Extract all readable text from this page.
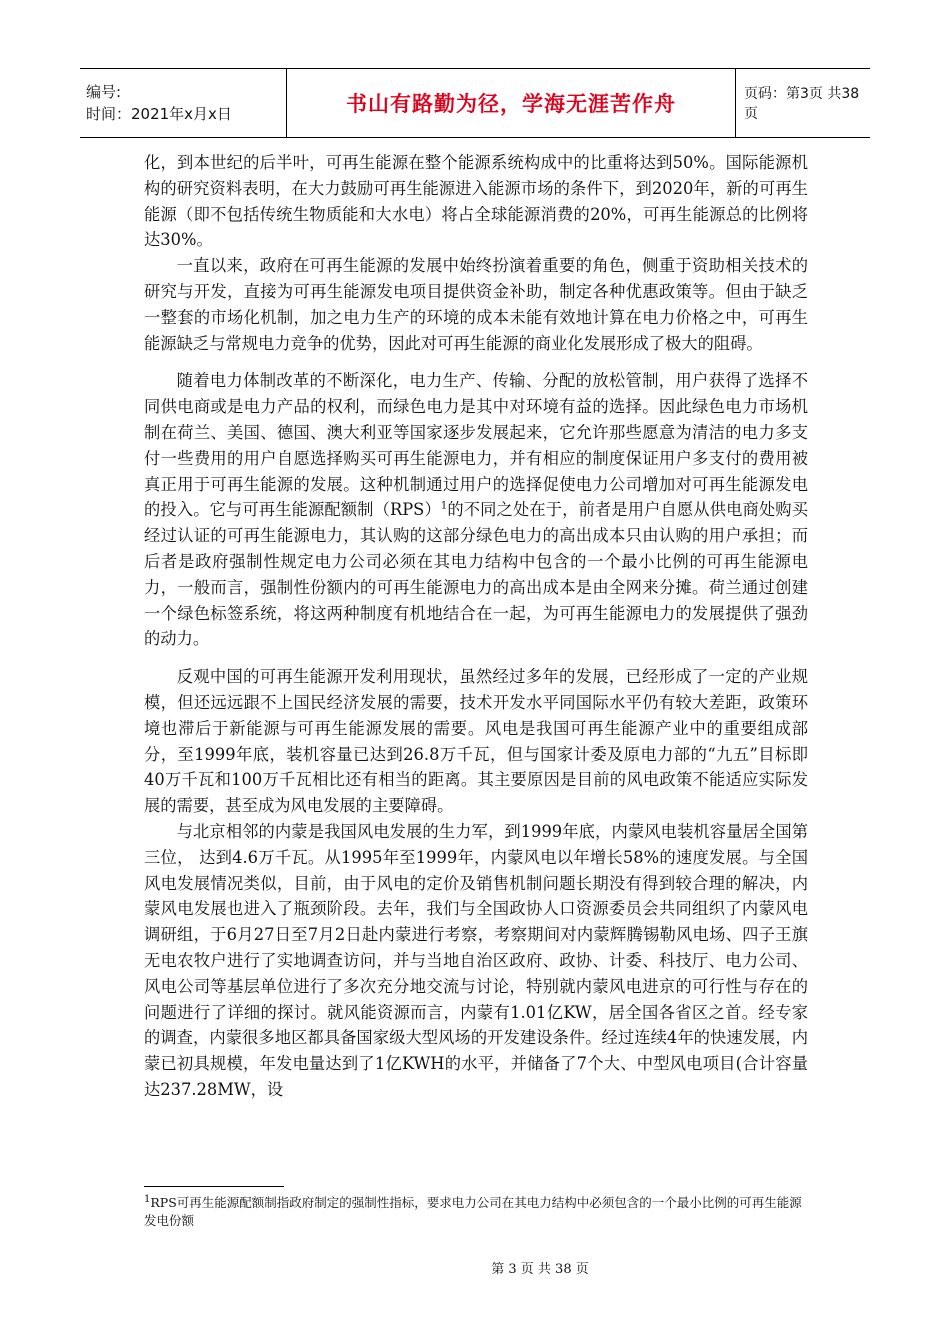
编号:
时间：2021年x月x日	书山有路勤为径，学海无涯苦作舟	页码：第3页 共38页

化，到本世纪的后半叶，可再生能源在整个能源系统构成中的比重将达到50%。国际能源机构的研究资料表明，在大力鼓励可再生能源进入能源市场的条件下，到2020年，新的可再生能源（即不包括传统生物质能和大水电）将占全球能源消费的20%，可再生能源总的比例将达30%。

一直以来，政府在可再生能源的发展中始终扮演着重要的角色，侧重于资助相关技术的研究与开发，直接为可再生能源发电项目提供资金补助，制定各种优惠政策等。但由于缺乏一整套的市场化机制，加之电力生产的环境的成本未能有效地计算在电力价格之中，可再生能源缺乏与常规电力竞争的优势，因此对可再生能源的商业化发展形成了极大的阻碍。

随着电力体制改革的不断深化，电力生产、传输、分配的放松管制，用户获得了选择不同供电商或是电力产品的权利，而绿色电力是其中对环境有益的选择。因此绿色电力市场机制在荷兰、美国、德国、澳大利亚等国家逐步发展起来，它允许那些愿意为清洁的电力多支付一些费用的用户自愿选择购买可再生能源电力，并有相应的制度保证用户多支付的费用被真正用于可再生能源的发展。这种机制通过用户的选择促使电力公司增加对可再生能源发电的投入。它与可再生能源配额制（RPS）$^1$的不同之处在于，前者是用户自愿从供电商处购买经过认证的可再生能源电力，其认购的这部分绿色电力的高出成本只由认购的用户承担；而后者是政府强制性规定电力公司必须在其电力结构中包含的一个最小比例的可再生能源电力，一般而言，强制性份额内的可再生能源电力的高出成本是由全网来分摊。荷兰通过创建一个绿色标签系统，将这两种制度有机地结合在一起，为可再生能源电力的发展提供了强劲的动力。

反观中国的可再生能源开发利用现状，虽然经过多年的发展，已经形成了一定的产业规模，但还远远跟不上国民经济发展的需要，技术开发水平同国际水平仍有较大差距，政策环境也滞后于新能源与可再生能源发展的需要。风电是我国可再生能源产业中的重要组成部分，至1999年底，装机容量已达到26.8万千瓦，但与国家计委及原电力部的“九五”目标即40万千瓦和100万千瓦相比还有相当的距离。其主要原因是目前的风电政策不能适应实际发展的需要，甚至成为风电发展的主要障碍。

与北京相邻的内蒙是我国风电发展的生力军，到1999年底，内蒙风电装机容量居全国第三位， 达到4.6万千瓦。从1995年至1999年，内蒙风电以年增长58%的速度发展。与全国风电发展情况类似，目前，由于风电的定价及销售机制问题长期没有得到较合理的解决，内蒙风电发展也进入了瓶颈阶段。去年，我们与全国政协人口资源委员会共同组织了内蒙风电调研组，于6月27日至7月2日赴内蒙进行考察，考察期间对内蒙辉腾锡勒风电场、四子王旗无电农牧户进行了实地调查访问，并与当地自治区政府、政协、计委、科技厅、电力公司、风电公司等基层单位进行了多次充分地交流与讨论，特别就内蒙风电进京的可行性与存在的问题进行了详细的探讨。就风能资源而言，内蒙有1.01亿KW，居全国各省区之首。经专家的调查，内蒙很多地区都具备国家级大型风场的开发建设条件。经过连续4年的快速发展，内蒙已初具规模，年发电量达到了1亿KWH的水平，并储备了7个大、中型风电项目(合计容量达237.28MW，设

$^1$RPS可再生能源配额制指政府制定的强制性指标，要求电力公司在其电力结构中必须包含的一个最小比例的可再生能源发电份额
第 3 页 共 38 页
